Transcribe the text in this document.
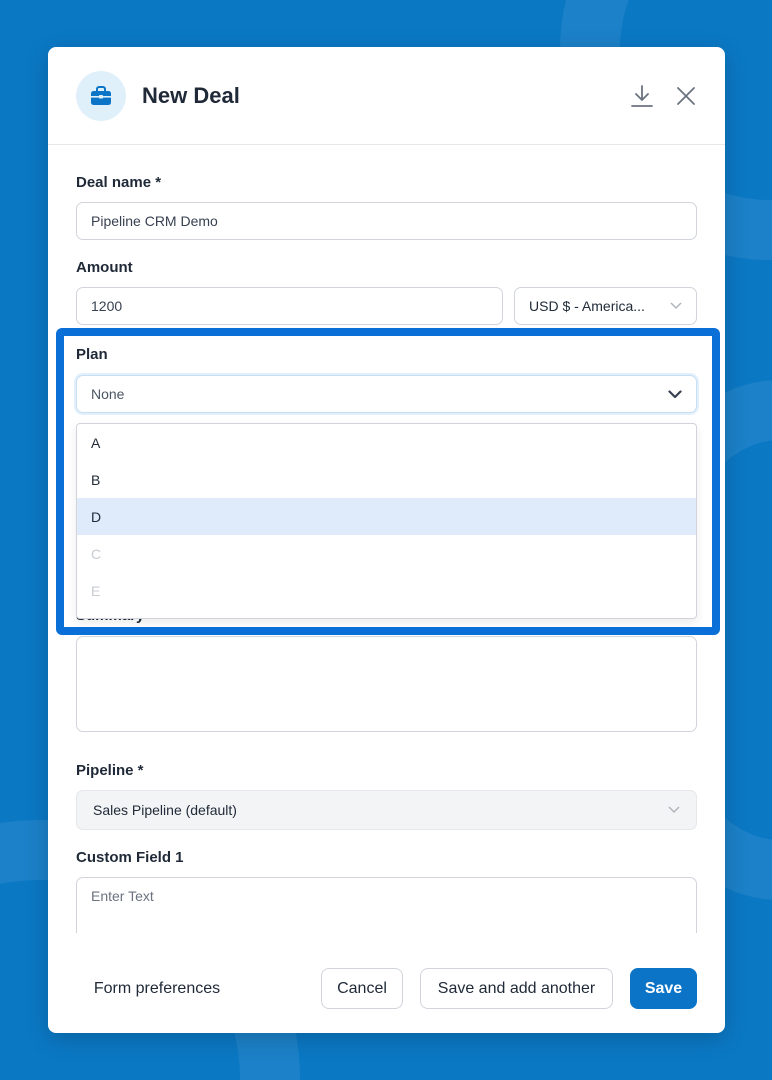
New Deal
Deal name *
Pipeline CRM Demo
Amount
1200	USD $ - America...
Plan
None
A
B
D
C
E
Pipeline *
Sales Pipeline (default)
Custom Field 1
Enter Text
Form preferences	Cancel	Save and add another	Save
